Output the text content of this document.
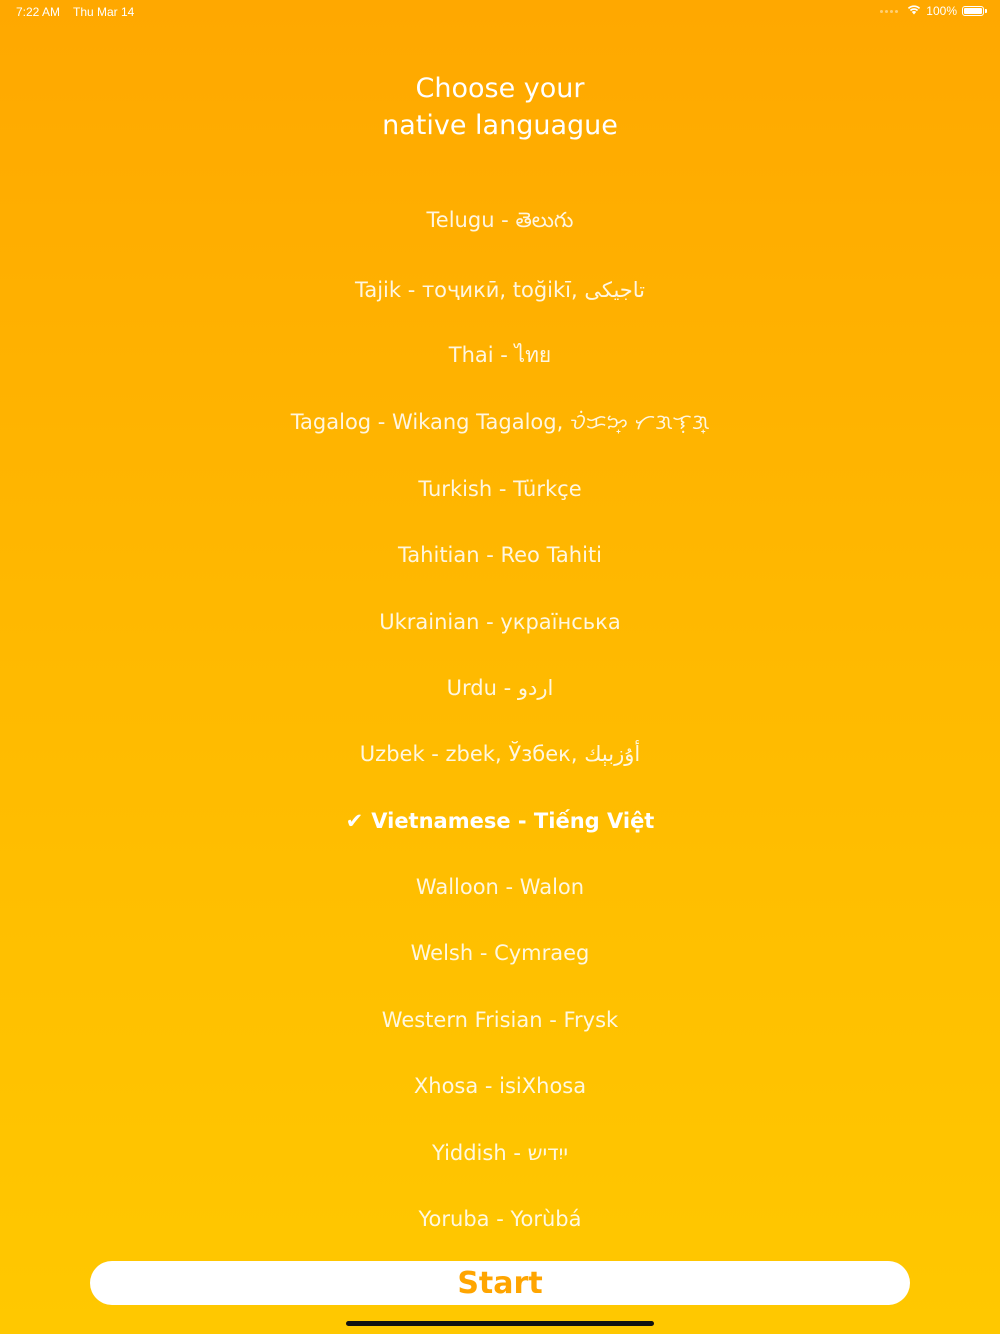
7:22 AM Thu Mar 14	100%
Choose your
native languague
Telugu - తెలుగు
Tajik - тоҷикӣ, toğikī, تاجیکی
Thai - ไทย
Tagalog - Wikang Tagalog, ᜏᜒᜃᜅ᜔ ᜆᜄᜎᜓᜄ᜔
Turkish - Türkçe
Tahitian - Reo Tahiti
Ukrainian - українська
Urdu - اردو
Uzbek - zbek, Ўзбек, أۇزبېك
✔ Vietnamese - Tiếng Việt
Walloon - Walon
Welsh - Cymraeg
Western Frisian - Frysk
Xhosa - isiXhosa
Yiddish - ייִדיש
Yoruba - Yorùbá
Start
